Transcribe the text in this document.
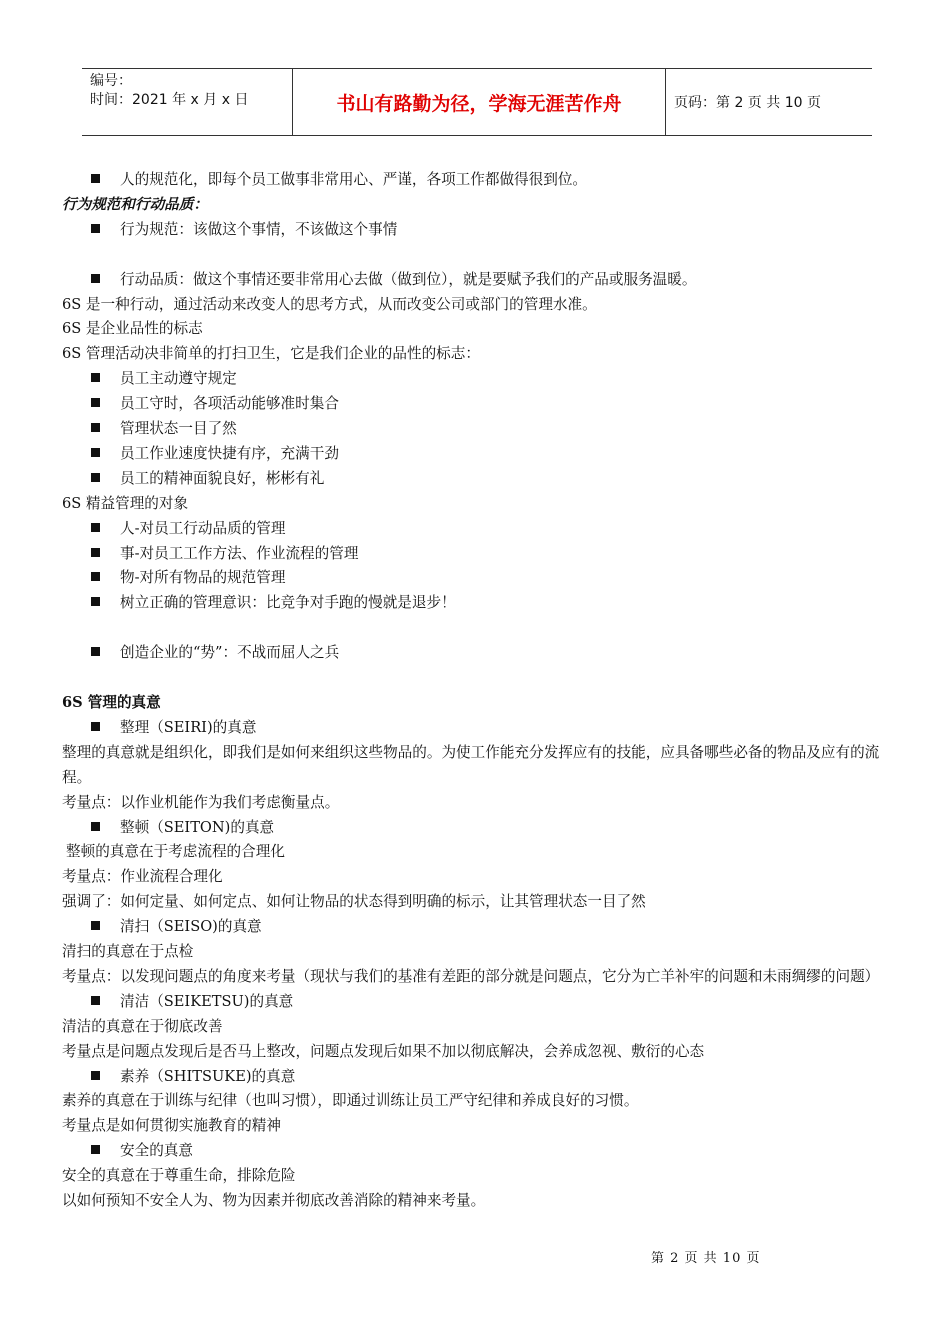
编号：
时间：2021 年 x 月 x 日	书山有路勤为径，学海无涯苦作舟	页码：第 2 页 共 10 页
人的规范化，即每个员工做事非常用心、严谨，各项工作都做得很到位。
行为规范和行动品质：
行为规范：该做这个事情，不该做这个事情
行动品质：做这个事情还要非常用心去做（做到位），就是要赋予我们的产品或服务温暖。
6S 是一种行动，通过活动来改变人的思考方式，从而改变公司或部门的管理水准。
6S 是企业品性的标志
6S 管理活动决非简单的打扫卫生，它是我们企业的品性的标志：
员工主动遵守规定
员工守时，各项活动能够准时集合
管理状态一目了然
员工作业速度快捷有序，充满干劲
员工的精神面貌良好，彬彬有礼
6S 精益管理的对象
人-对员工行动品质的管理
事-对员工工作方法、作业流程的管理
物-对所有物品的规范管理
树立正确的管理意识：比竞争对手跑的慢就是退步！
创造企业的“势”：不战而屈人之兵
6S 管理的真意
整理（SEIRI)的真意
整理的真意就是组织化，即我们是如何来组织这些物品的。为使工作能充分发挥应有的技能，应具备哪些必备的物品及应有的流程。
考量点：以作业机能作为我们考虑衡量点。
整顿（SEITON)的真意
整顿的真意在于考虑流程的合理化
考量点：作业流程合理化
强调了：如何定量、如何定点、如何让物品的状态得到明确的标示，让其管理状态一目了然
清扫（SEISO)的真意
清扫的真意在于点检
考量点：以发现问题点的角度来考量（现状与我们的基准有差距的部分就是问题点，它分为亡羊补牢的问题和未雨绸缪的问题）
清洁（SEIKETSU)的真意
清洁的真意在于彻底改善
考量点是问题点发现后是否马上整改，问题点发现后如果不加以彻底解决，会养成忽视、敷衍的心态
素养（SHITSUKE)的真意
素养的真意在于训练与纪律（也叫习惯），即通过训练让员工严守纪律和养成良好的习惯。
考量点是如何贯彻实施教育的精神
安全的真意
安全的真意在于尊重生命，排除危险
以如何预知不安全人为、物为因素并彻底改善消除的精神来考量。
第 2 页 共 10 页
